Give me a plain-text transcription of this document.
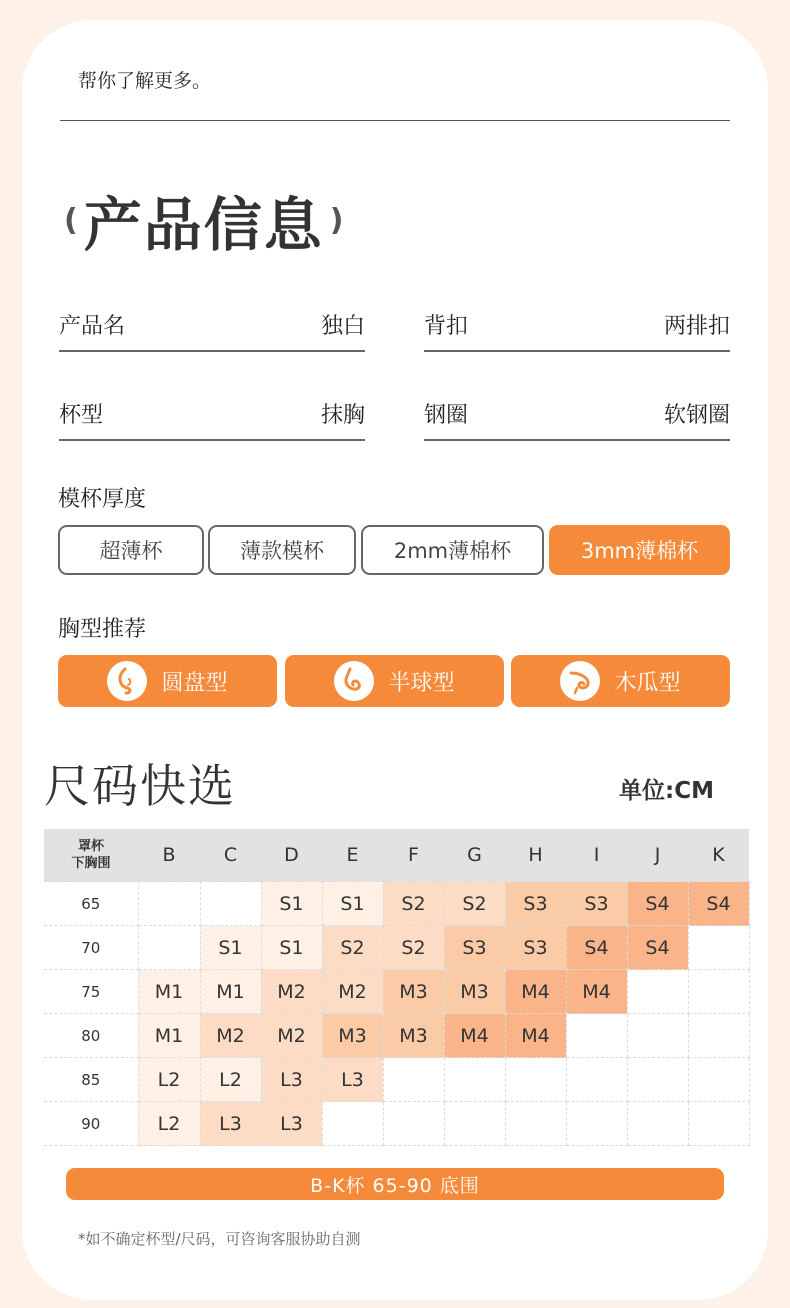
帮你了解更多。
( 产品信息 )
产品名	独白	背扣	两排扣
杯型	抹胸	钢圈	软钢圈
模杯厚度
超薄杯	薄款模杯	2mm薄棉杯	3mm薄棉杯
胸型推荐
圆盘型	半球型	木瓜型
尺码快选	单位:CM
罩杯
下胸围	B	C	D	E	F	G	H	I	J	K
65			S1	S1	S2	S2	S3	S3	S4	S4
70		S1	S1	S2	S2	S3	S3	S4	S4	
75	M1	M1	M2	M2	M3	M3	M4	M4		
80	M1	M2	M2	M3	M3	M4	M4			
85	L2	L2	L3	L3						
90	L2	L3	L3							
B-K杯 65-90 底围
*如不确定杯型/尺码，可咨询客服协助自测
